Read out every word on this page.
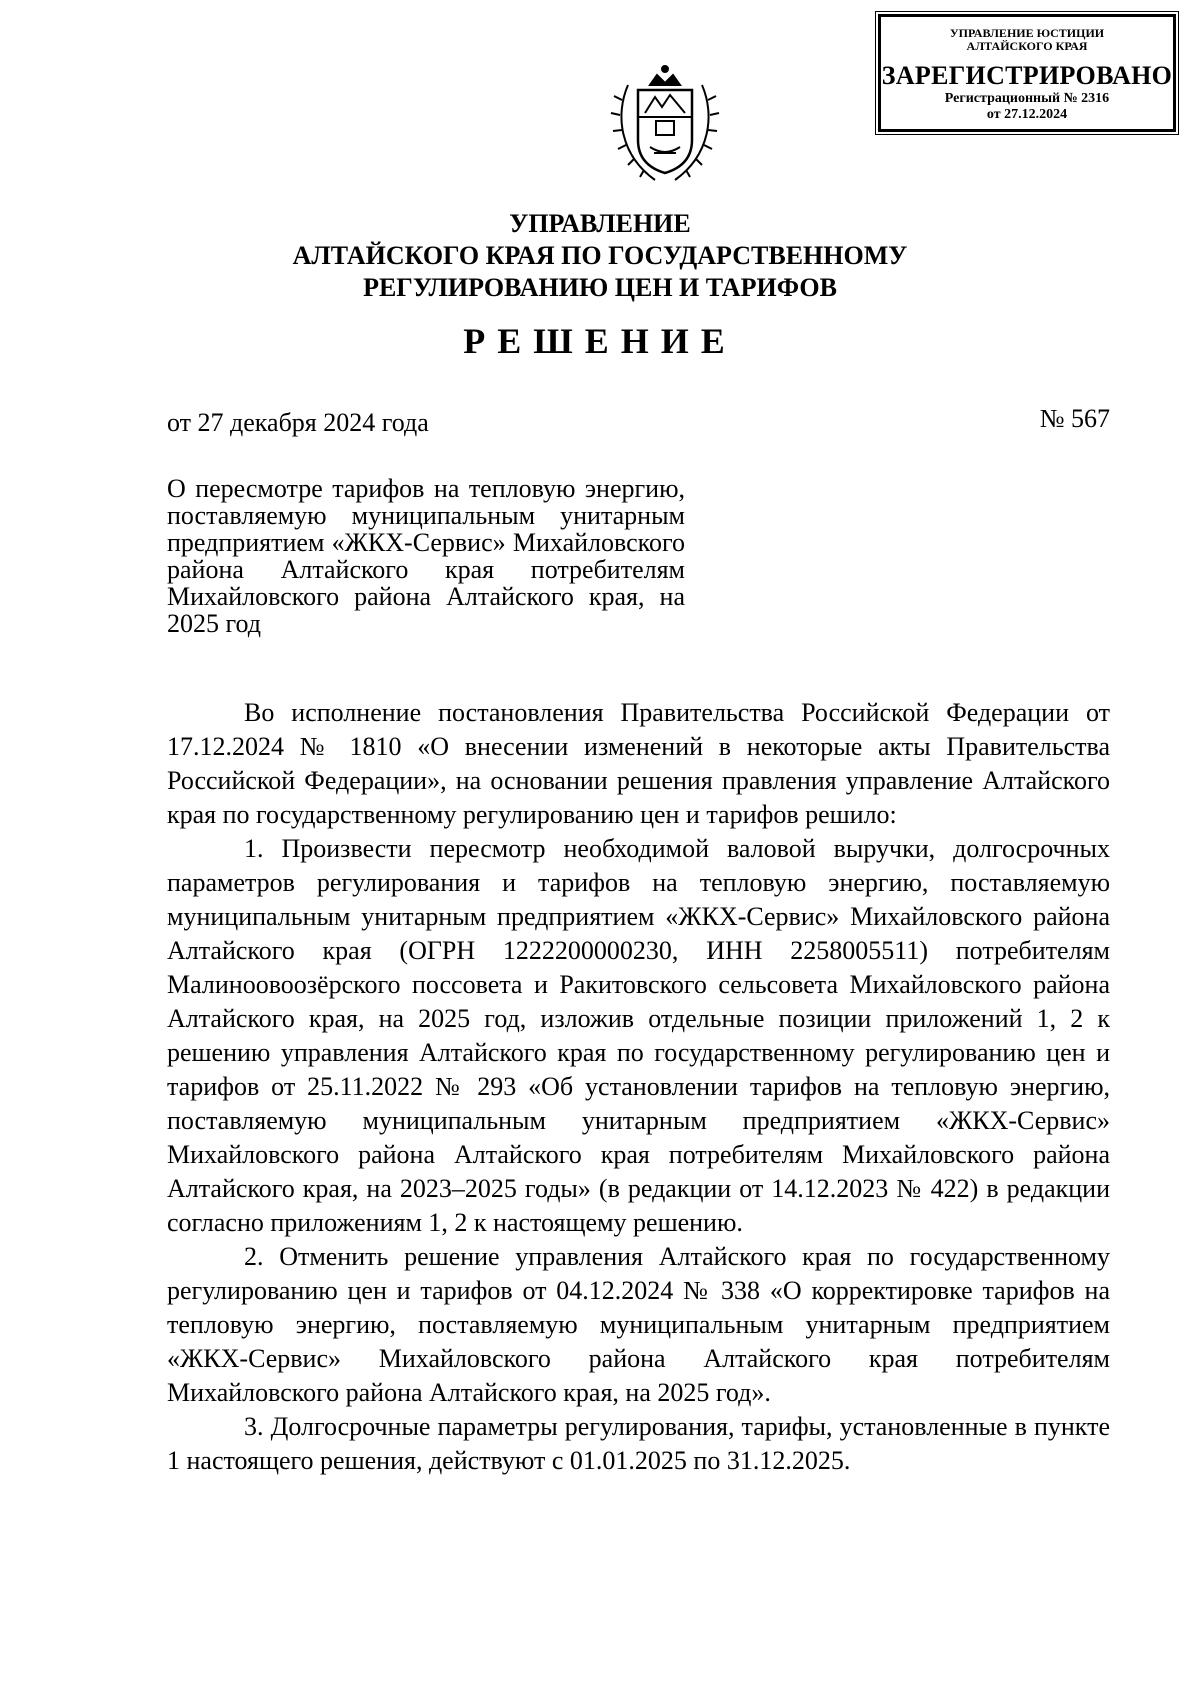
УПРАВЛЕНИЕ ЮСТИЦИИ
АЛТАЙСКОГО КРАЯ
ЗАРЕГИСТРИРОВАНО
Регистрационный № 2316
от 27.12.2024
УПРАВЛЕНИЕ
АЛТАЙСКОГО КРАЯ ПО ГОСУДАРСТВЕННОМУ
РЕГУЛИРОВАНИЮ ЦЕН И ТАРИФОВ
РЕШЕНИЕ
от 27 декабря 2024 года	№ 567
О пересмотре тарифов на тепловую энергию, поставляемую муниципальным унитарным предприятием «ЖКХ-Сервис» Михайловского района Алтайского края потребителям Михайловского района Алтайского края, на 2025 год

Во исполнение постановления Правительства Российской Федерации от 17.12.2024 № 1810 «О внесении изменений в некоторые акты Правительства Российской Федерации», на основании решения правления управление Алтайского края по государственному регулированию цен и тарифов решило:

1. Произвести пересмотр необходимой валовой выручки, долгосрочных параметров регулирования и тарифов на тепловую энергию, поставляемую муниципальным унитарным предприятием «ЖКХ-Сервис» Михайловского района Алтайского края (ОГРН 1222200000230, ИНН 2258005511) потребителям Малиноовоозёрского поссовета и Ракитовского сельсовета Михайловского района Алтайского края, на 2025 год, изложив отдельные позиции приложений 1, 2 к решению управления Алтайского края по государственному регулированию цен и тарифов от 25.11.2022 № 293 «Об установлении тарифов на тепловую энергию, поставляемую муниципальным унитарным предприятием «ЖКХ-Сервис» Михайловского района Алтайского края потребителям Михайловского района Алтайского края, на 2023–2025 годы» (в редакции от 14.12.2023 № 422) в редакции согласно приложениям 1, 2 к настоящему решению.

2. Отменить решение управления Алтайского края по государственному регулированию цен и тарифов от 04.12.2024 № 338 «О корректировке тарифов на тепловую энергию, поставляемую муниципальным унитарным предприятием «ЖКХ-Сервис» Михайловского района Алтайского края потребителям Михайловского района Алтайского края, на 2025 год».

3. Долгосрочные параметры регулирования, тарифы, установленные в пункте 1 настоящего решения, действуют с 01.01.2025 по 31.12.2025.
